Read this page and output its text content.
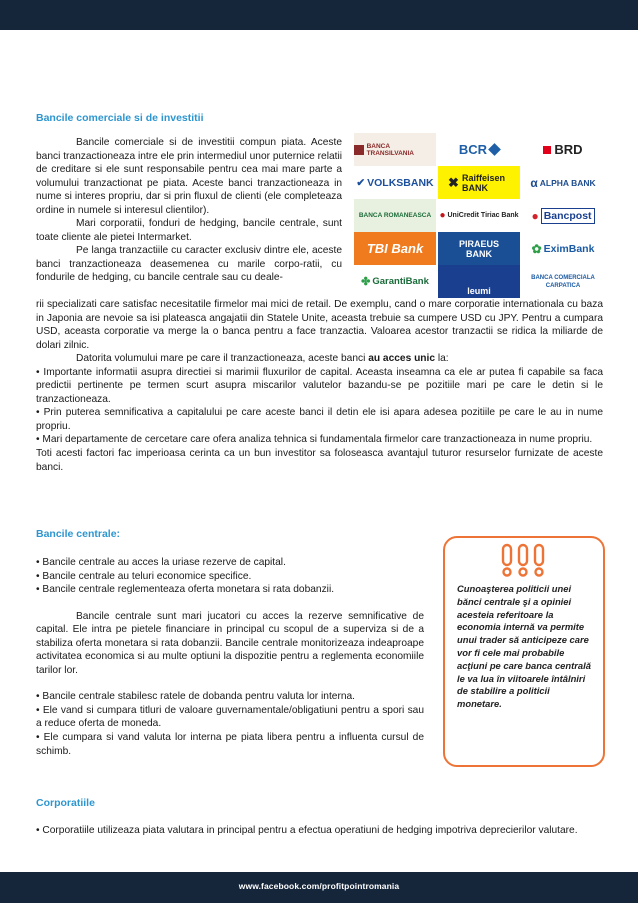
Bancile comerciale si de investitii

Bancile comerciale si de investitii compun piata. Aceste banci tranzactioneaza intre ele prin intermediul unor puternice relatii de creditare si ele sunt responsabile pentru cea mai mare parte a volumului tranzactionat pe piata. Aceste banci tranzactioneaza in nume si interes propriu, dar si prin fluxul de clienti (ele completeaza ordine in numele si interesul clientilor).

Mari corporatii, fonduri de hedging, bancile centrale, sunt toate cliente ale pietei Intermarket.

Pe langa tranzactiile cu caracter exclusiv dintre ele, aceste banci tranzactioneaza deasemenea cu marile corpo-ratii, cu fondurile de hedging, cu bancile centrale sau cu deale-

BANCA TRANSILVANIA	BCR	BRD
✔ VOLKSBANK ✖ Raiffeisen BANK	α ALPHA BANK
BANCA ROMANEASCA ● UniCredit Tiriac Bank ● Bancpost
TBI Bank	PIRAEUS BANK	✿ EximBank
✤ GarantiBank
leumi
BANCA COMERCIALA CARPATICA

rii specializati care satisfac necesitatile firmelor mai mici de retail. De exemplu, cand o mare corporatie internationala cu baza in Japonia are nevoie sa isi plateasca angajatii din Statele Unite, aceasta trebuie sa cumpere USD cu JPY. Pentru a cumpara USD, aceasta corporatie va merge la o banca pentru a face tranzactia. Valoarea acestor tranzactii se ridica la miliarde de dolari zilnic.

Datorita volumului mare pe care il tranzactioneaza, aceste banci au acces unic la:

• Importante informatii asupra directiei si marimii fluxurilor de capital. Aceasta inseamna ca ele ar putea fi capabile sa faca predictii pertinente pe termen scurt asupra miscarilor valutelor bazandu-se pe pozitiile mari pe care le detin si le tranzactioneaza.

• Prin puterea semnificativa a capitalului pe care aceste banci il detin ele isi apara adesea pozitiile pe care le au in nume propriu.

• Mari departamente de cercetare care ofera analiza tehnica si fundamentala firmelor care tranzactioneaza in nume propriu.

Toti acesti factori fac imperioasa cerinta ca un bun investitor sa foloseasca avantajul tuturor resurselor furnizate de aceste banci.

Bancile centrale:

• Bancile centrale au acces la uriase rezerve de capital.

• Bancile centrale au teluri economice specifice.

• Bancile centrale reglementeaza oferta monetara si rata dobanzii.

Bancile centrale sunt mari jucatori cu acces la rezerve semnificative de capital. Ele intra pe pietele financiare in principal cu scopul de a superviza si de a stabiliza oferta monetara si rata dobanzii. Bancile centrale monitorizeaza indeaproape activitatea economica si au multe optiuni la dispozitie pentru a reglementa economiile tarilor lor.

• Bancile centrale stabilesc ratele de dobanda pentru valuta lor interna.

• Ele vand si cumpara titluri de valoare guvernamentale/obligatiuni pentru a spori sau a reduce oferta de moneda.

• Ele cumpara si vand valuta lor interna pe piata libera pentru a influenta cursul de schimb.

Cunoaşterea politicii unei bănci centrale şi a opiniei acesteia referitoare la economia internă va permite unui trader să anticipeze care vor fi cele mai probabile acţiuni pe care banca centrală le va lua în viitoarele întâlniri de stabilire a politicii monetare.
Corporatiile

• Corporatiile utilizeaza piata valutara in principal pentru a efectua operatiuni de hedging impotriva deprecierilor valutare.

www.facebook.com/profitpointromania
